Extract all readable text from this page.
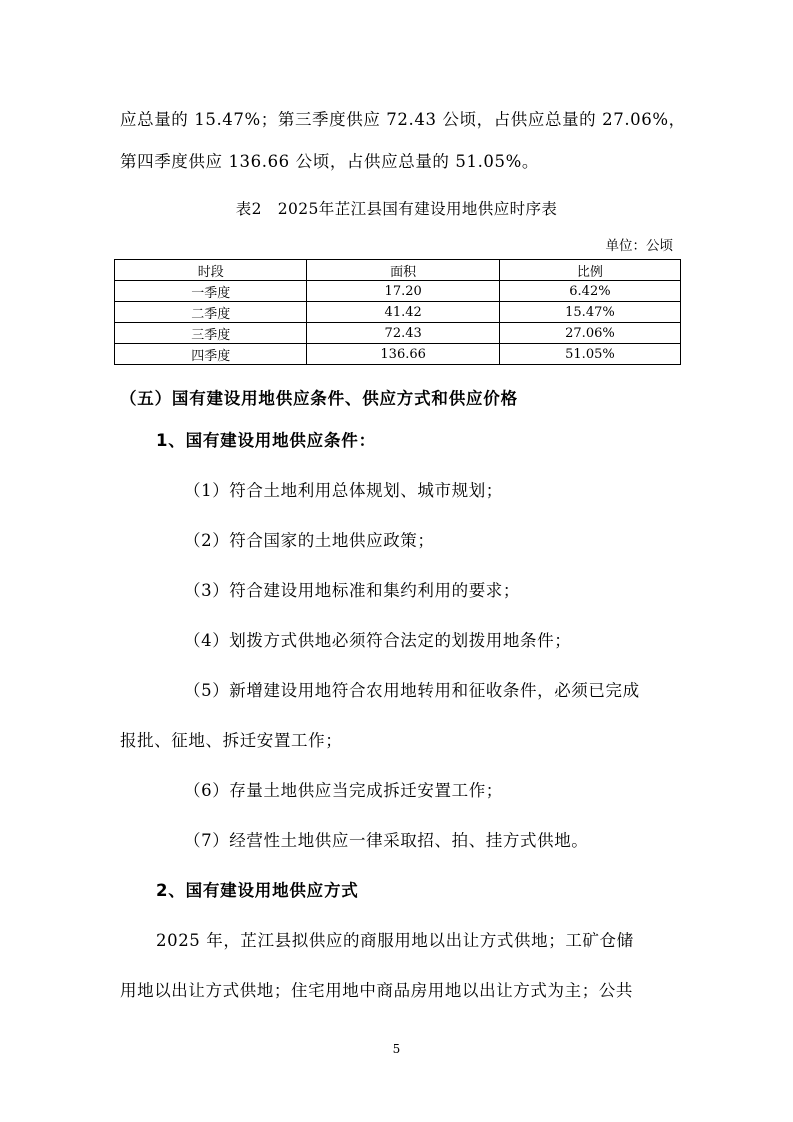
应总量的 15.47%；第三季度供应 72.43 公顷，占供应总量的 27.06%，
第四季度供应 136.66 公顷，占供应总量的 51.05%。
表2　2025年芷江县国有建设用地供应时序表
单位：公顷
时段	面积	比例
一季度	17.20	6.42%
二季度	41.42	15.47%
三季度	72.43	27.06%
四季度	136.66	51.05%
（五）国有建设用地供应条件、供应方式和供应价格
1、国有建设用地供应条件：
（1）符合土地利用总体规划、城市规划；
（2）符合国家的土地供应政策；
（3）符合建设用地标准和集约利用的要求；
（4）划拨方式供地必须符合法定的划拨用地条件；
（5）新增建设用地符合农用地转用和征收条件，必须已完成
报批、征地、拆迁安置工作；
（6）存量土地供应当完成拆迁安置工作；
（7）经营性土地供应一律采取招、拍、挂方式供地。
2、国有建设用地供应方式
2025 年，芷江县拟供应的商服用地以出让方式供地；工矿仓储
用地以出让方式供地；住宅用地中商品房用地以出让方式为主；公共
5
